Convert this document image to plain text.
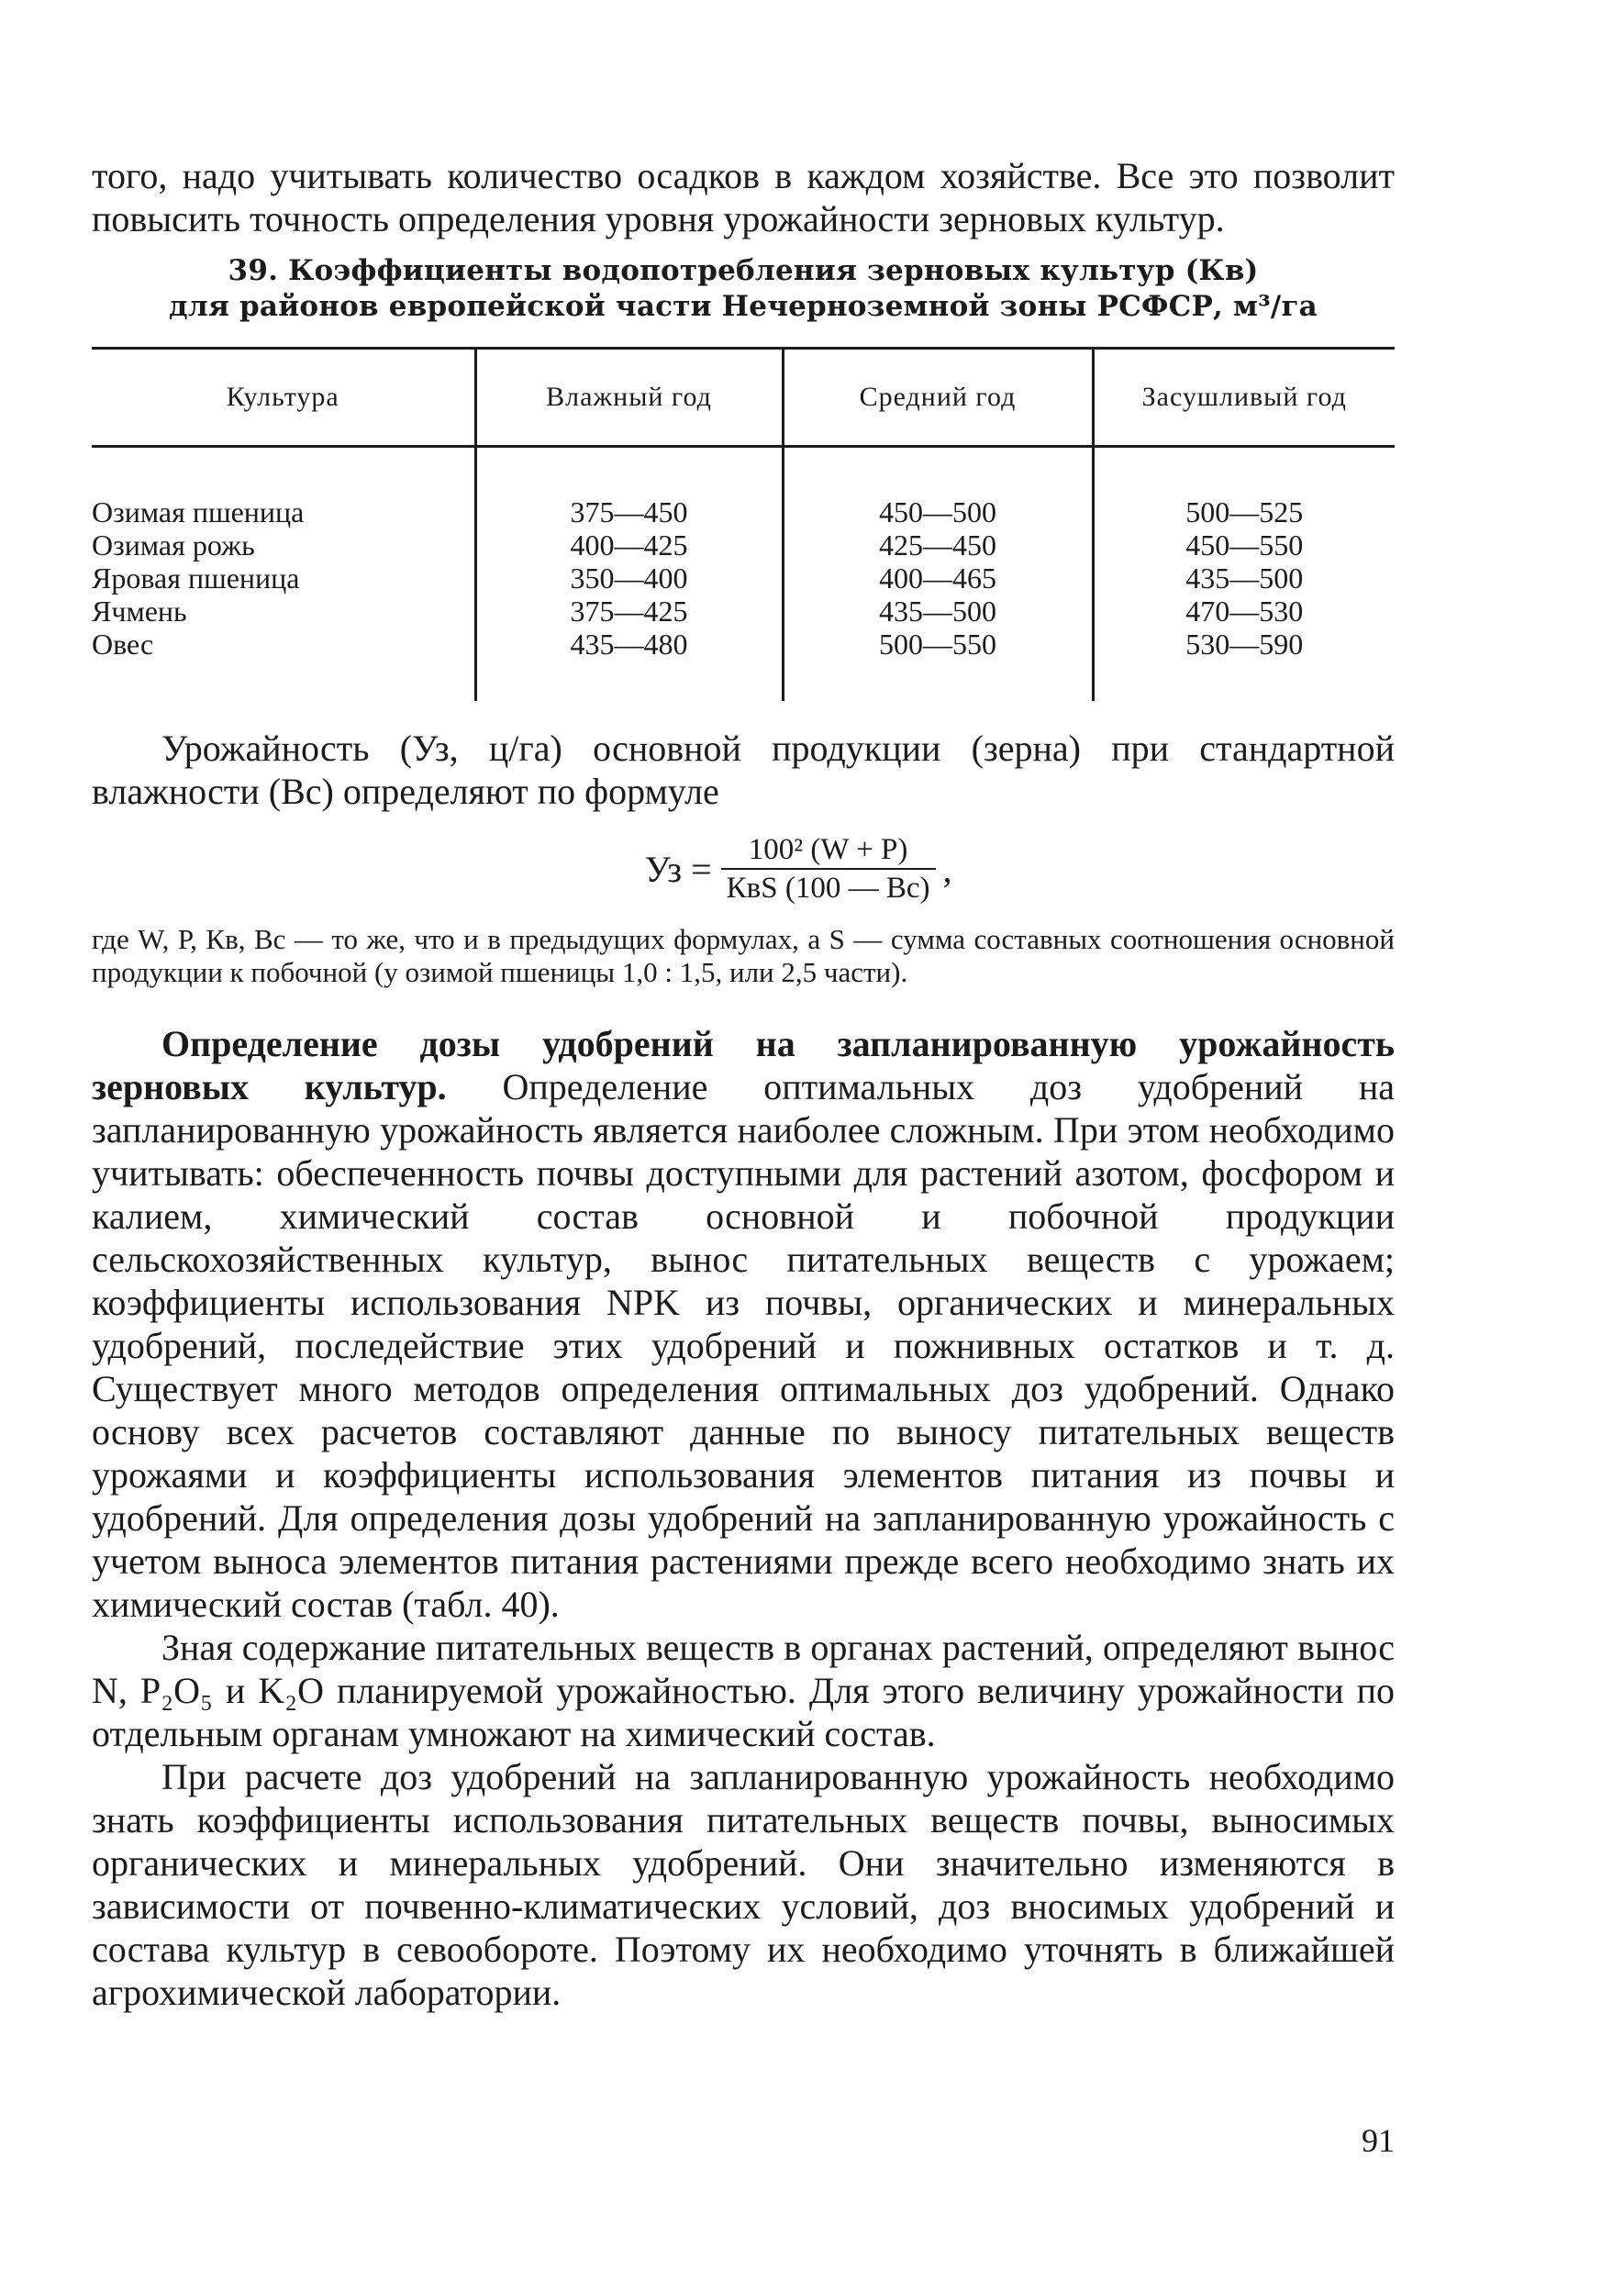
того, надо учитывать количество осадков в каждом хозяйстве. Все это позволит повысить точность определения уровня урожайности зерновых культур.

39. Коэффициенты водопотребления зерновых культур (Кв)
для районов европейской части Нечерноземной зоны РСФСР, м³/га
Культура	Влажный год	Средний год	Засушливый год
Озимая пшеница	375—450	450—500	500—525
Озимая рожь	400—425	425—450	450—550
Яровая пшеница	350—400	400—465	435—500
Ячмень	375—425	435—500	470—530
Овес	435—480	500—550	530—590

Урожайность (Уз, ц/га) основной продукции (зерна) при стандартной влажности (Вс) определяют по формуле

Уз = $\frac{\text{100² (W + P)}}{\text{КвS (100 — Вс)}}$ ,

где W, Р, Кв, Вс — то же, что и в предыдущих формулах, а S — сумма составных соотношения основной продукции к побочной (у озимой пшеницы 1,0 : 1,5, или 2,5 части).

Определение дозы удобрений на запланированную урожайность зерновых культур. Определение оптимальных доз удобрений на запланированную урожайность является наиболее сложным. При этом необходимо учитывать: обеспеченность почвы доступными для растений азотом, фосфором и калием, химический состав основной и побочной продукции сельскохозяйственных культур, вынос питательных веществ с урожаем; коэффициенты использования NPK из почвы, органических и минеральных удобрений, последействие этих удобрений и пожнивных остатков и т. д. Существует много методов определения оптимальных доз удобрений. Однако основу всех расчетов составляют данные по выносу питательных веществ урожаями и коэффициенты использования элементов питания из почвы и удобрений. Для определения дозы удобрений на запланированную урожайность с учетом выноса элементов питания растениями прежде всего необходимо знать их химический состав (табл. 40).

Зная содержание питательных веществ в органах растений, определяют вынос N, P₂O₅ и K₂O планируемой урожайностью. Для этого величину урожайности по отдельным органам умножают на химический состав.

При расчете доз удобрений на запланированную урожайность необходимо знать коэффициенты использования питательных веществ почвы, выносимых органических и минеральных удобрений. Они значительно изменяются в зависимости от почвенно-климатических условий, доз вносимых удобрений и состава культур в севообороте. Поэтому их необходимо уточнять в ближайшей агрохимической лаборатории.

91
